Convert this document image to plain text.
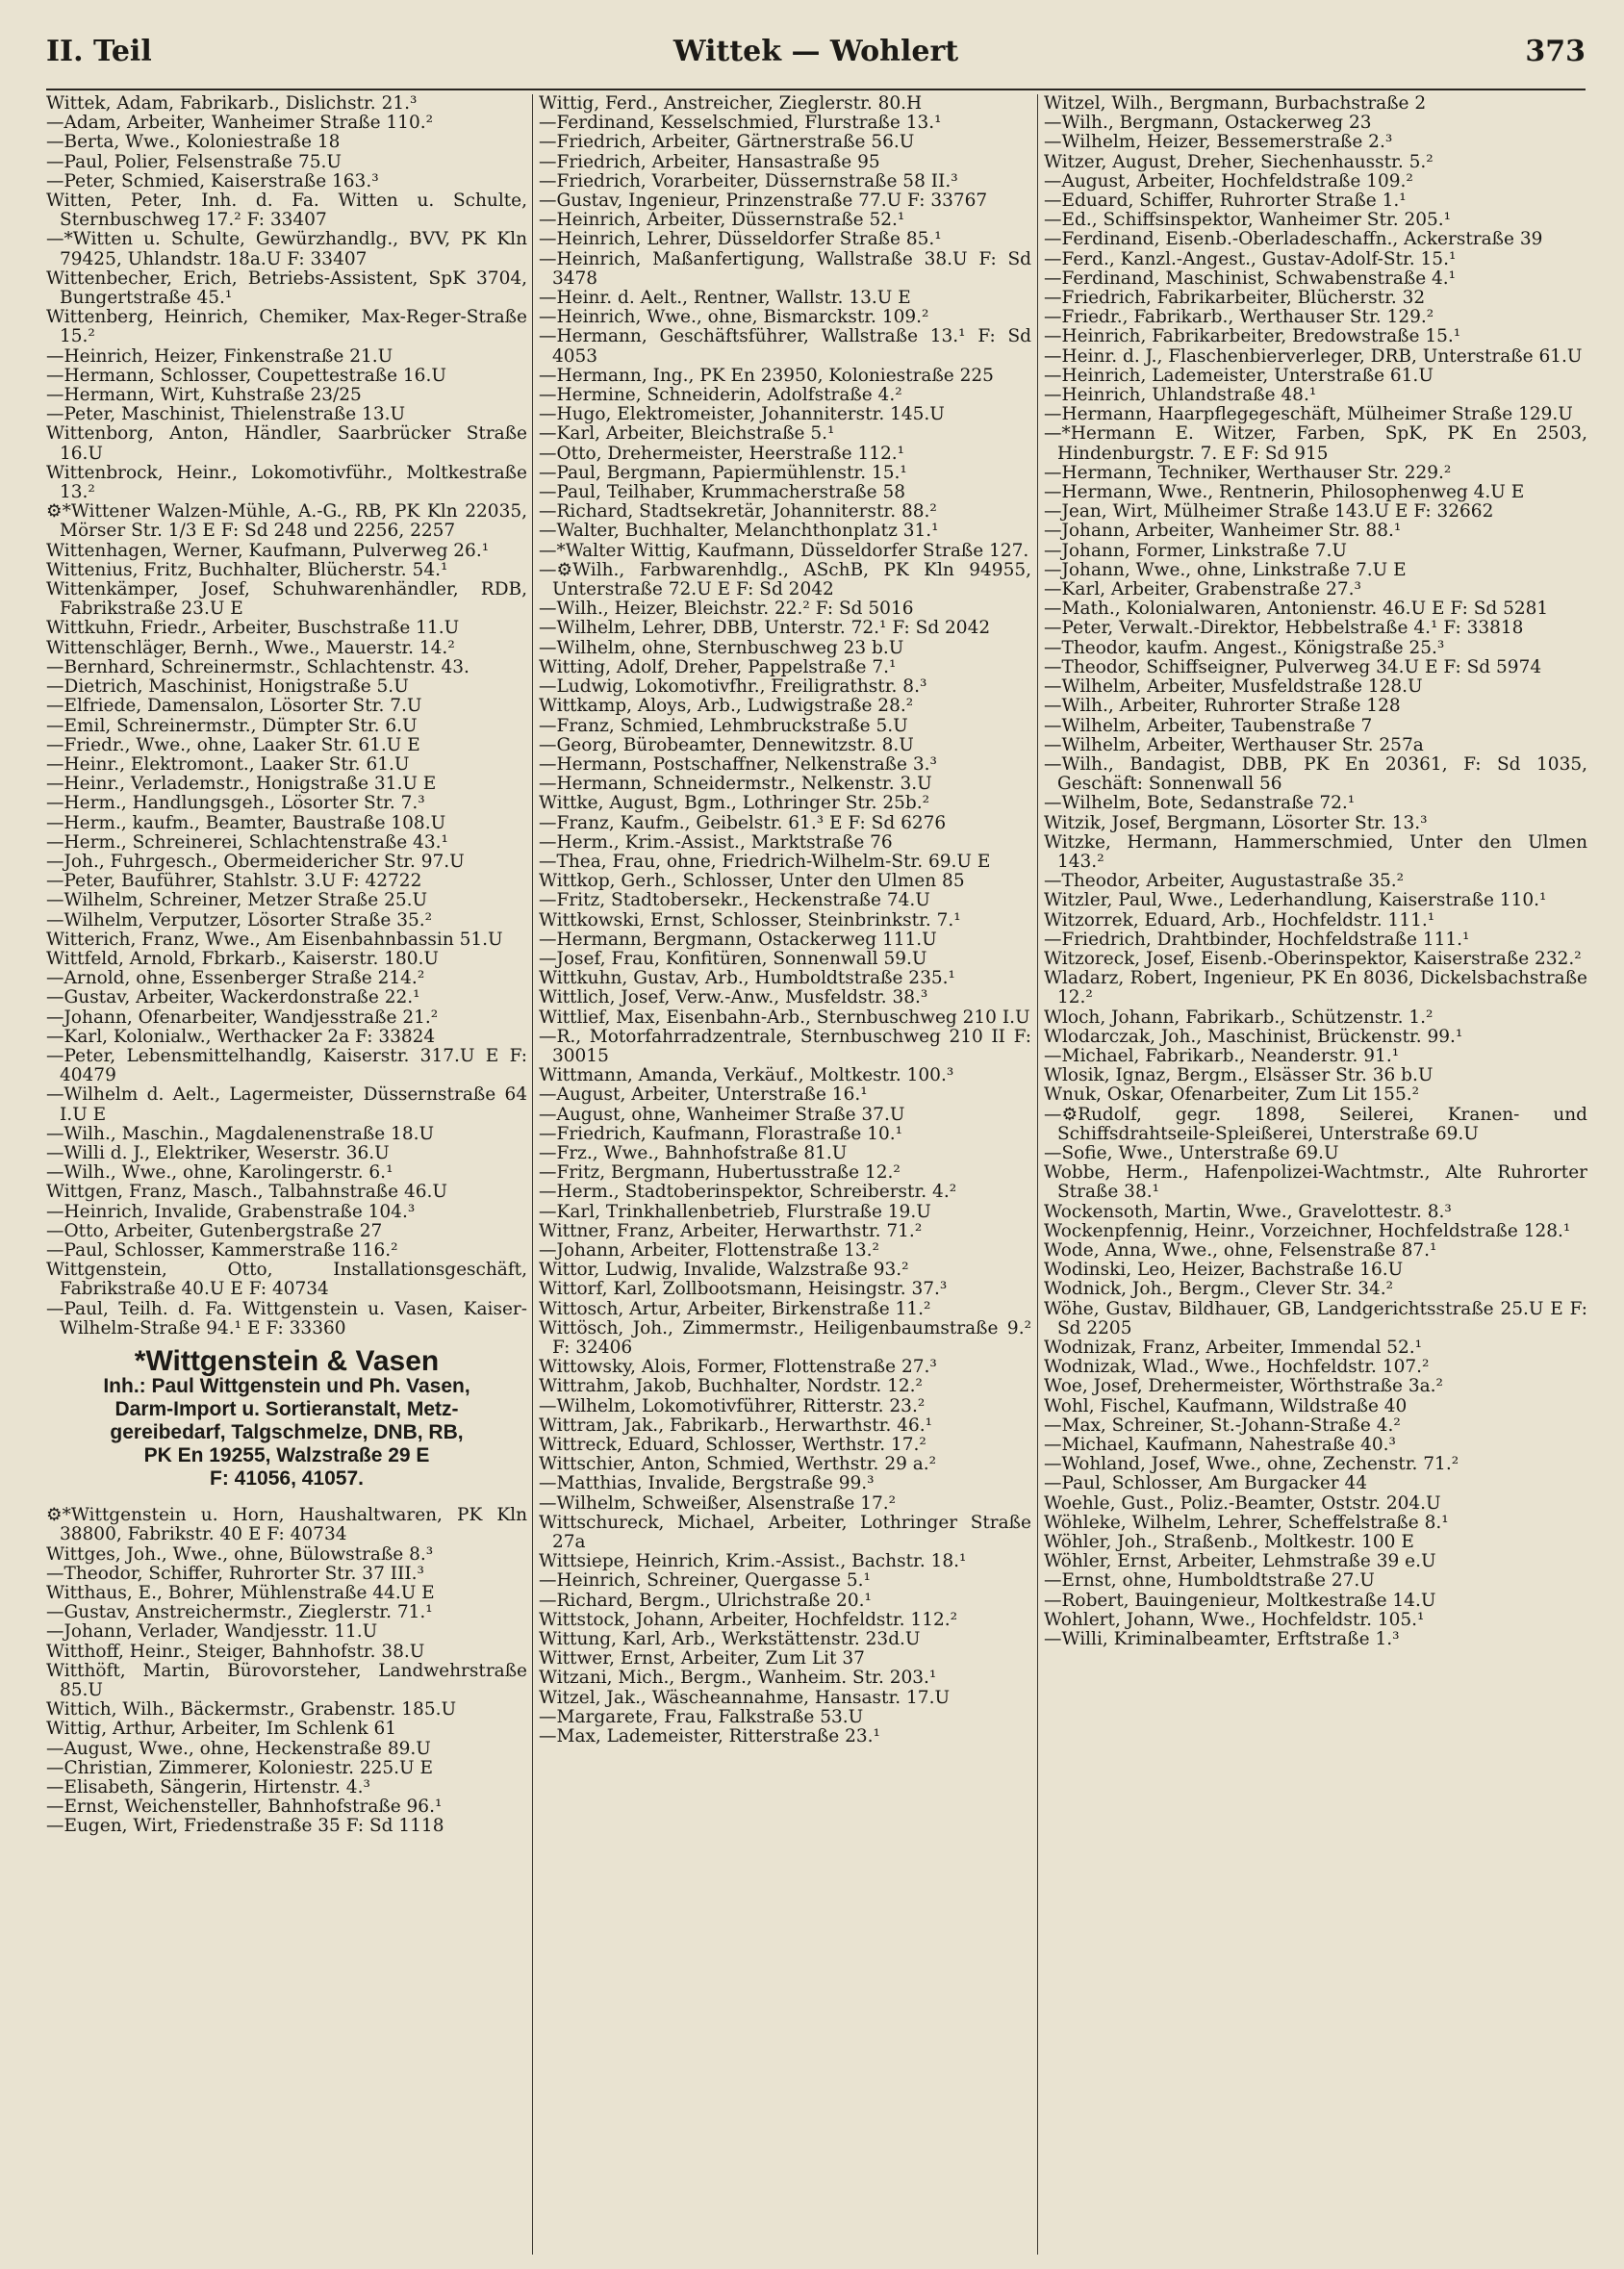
II. Teil	Wittek — Wohlert	373

Wittek, Adam, Fabrikarb., Dislichstr. 21.³

—Adam, Arbeiter, Wanheimer Straße 110.²

—Berta, Wwe., Koloniestraße 18

—Paul, Polier, Felsenstraße 75.U

—Peter, Schmied, Kaiserstraße 163.³

Witten, Peter, Inh. d. Fa. Witten u. Schulte, Sternbuschweg 17.² F: 33407

—*Witten u. Schulte, Gewürzhandlg., BVV, PK Kln 79425, Uhlandstr. 18a.U F: 33407

Wittenbecher, Erich, Betriebs-Assistent, SpK 3704, Bungertstraße 45.¹

Wittenberg, Heinrich, Chemiker, Max-Reger-Straße 15.²

—Heinrich, Heizer, Finkenstraße 21.U

—Hermann, Schlosser, Coupettestraße 16.U

—Hermann, Wirt, Kuhstraße 23/25

—Peter, Maschinist, Thielenstraße 13.U

Wittenborg, Anton, Händler, Saarbrücker Straße 16.U

Wittenbrock, Heinr., Lokomotivführ., Moltkestraße 13.²

⚙*Wittener Walzen-Mühle, A.-G., RB, PK Kln 22035, Mörser Str. 1/3 E F: Sd 248 und 2256, 2257

Wittenhagen, Werner, Kaufmann, Pulverweg 26.¹

Wittenius, Fritz, Buchhalter, Blücherstr. 54.¹

Wittenkämper, Josef, Schuhwarenhändler, RDB, Fabrikstraße 23.U E

Wittkuhn, Friedr., Arbeiter, Buschstraße 11.U

Wittenschläger, Bernh., Wwe., Mauerstr. 14.²

—Bernhard, Schreinermstr., Schlachtenstr. 43.

—Dietrich, Maschinist, Honigstraße 5.U

—Elfriede, Damensalon, Lösorter Str. 7.U

—Emil, Schreinermstr., Dümpter Str. 6.U

—Friedr., Wwe., ohne, Laaker Str. 61.U E

—Heinr., Elektromont., Laaker Str. 61.U

—Heinr., Verlademstr., Honigstraße 31.U E

—Herm., Handlungsgeh., Lösorter Str. 7.³

—Herm., kaufm., Beamter, Baustraße 108.U

—Herm., Schreinerei, Schlachtenstraße 43.¹

—Joh., Fuhrgesch., Obermeidericher Str. 97.U

—Peter, Bauführer, Stahlstr. 3.U F: 42722

—Wilhelm, Schreiner, Metzer Straße 25.U

—Wilhelm, Verputzer, Lösorter Straße 35.²

Witterich, Franz, Wwe., Am Eisenbahnbassin 51.U

Wittfeld, Arnold, Fbrkarb., Kaiserstr. 180.U

—Arnold, ohne, Essenberger Straße 214.²

—Gustav, Arbeiter, Wackerdonstraße 22.¹

—Johann, Ofenarbeiter, Wandjesstraße 21.²

—Karl, Kolonialw., Werthacker 2a F: 33824

—Peter, Lebensmittelhandlg, Kaiserstr. 317.U E F: 40479

—Wilhelm d. Aelt., Lagermeister, Düssernstraße 64 I.U E

—Wilh., Maschin., Magdalenenstraße 18.U

—Willi d. J., Elektriker, Weserstr. 36.U

—Wilh., Wwe., ohne, Karolingerstr. 6.¹

Wittgen, Franz, Masch., Talbahnstraße 46.U

—Heinrich, Invalide, Grabenstraße 104.³

—Otto, Arbeiter, Gutenbergstraße 27

—Paul, Schlosser, Kammerstraße 116.²

Wittgenstein, Otto, Installationsgeschäft, Fabrikstraße 40.U E F: 40734

—Paul, Teilh. d. Fa. Wittgenstein u. Vasen, Kaiser-Wilhelm-Straße 94.¹ E F: 33360

*Wittgenstein & Vasen
Inh.: Paul Wittgenstein und Ph. Vasen,
Darm-Import u. Sortieranstalt, Metz-
gereibedarf, Talgschmelze, DNB, RB,
PK En 19255, Walzstraße 29 E
F: 41056, 41057.

⚙*Wittgenstein u. Horn, Haushaltwaren, PK Kln 38800, Fabrikstr. 40 E F: 40734

Wittges, Joh., Wwe., ohne, Bülowstraße 8.³

—Theodor, Schiffer, Ruhrorter Str. 37 III.³

Witthaus, E., Bohrer, Mühlenstraße 44.U E

—Gustav, Anstreichermstr., Zieglerstr. 71.¹

—Johann, Verlader, Wandjesstr. 11.U

Witthoff, Heinr., Steiger, Bahnhofstr. 38.U

Witthöft, Martin, Bürovorsteher, Landwehrstraße 85.U

Wittich, Wilh., Bäckermstr., Grabenstr. 185.U

Wittig, Arthur, Arbeiter, Im Schlenk 61

—August, Wwe., ohne, Heckenstraße 89.U

—Christian, Zimmerer, Koloniestr. 225.U E

—Elisabeth, Sängerin, Hirtenstr. 4.³

—Ernst, Weichensteller, Bahnhofstraße 96.¹

—Eugen, Wirt, Friedenstraße 35 F: Sd 1118

Wittig, Ferd., Anstreicher, Zieglerstr. 80.H

—Ferdinand, Kesselschmied, Flurstraße 13.¹

—Friedrich, Arbeiter, Gärtnerstraße 56.U

—Friedrich, Arbeiter, Hansastraße 95

—Friedrich, Vorarbeiter, Düssernstraße 58 II.³

—Gustav, Ingenieur, Prinzenstraße 77.U F: 33767

—Heinrich, Arbeiter, Düssernstraße 52.¹

—Heinrich, Lehrer, Düsseldorfer Straße 85.¹

—Heinrich, Maßanfertigung, Wallstraße 38.U F: Sd 3478

—Heinr. d. Aelt., Rentner, Wallstr. 13.U E

—Heinrich, Wwe., ohne, Bismarckstr. 109.²

—Hermann, Geschäftsführer, Wallstraße 13.¹ F: Sd 4053

—Hermann, Ing., PK En 23950, Koloniestraße 225

—Hermine, Schneiderin, Adolfstraße 4.²

—Hugo, Elektromeister, Johanniterstr. 145.U

—Karl, Arbeiter, Bleichstraße 5.¹

—Otto, Drehermeister, Heerstraße 112.¹

—Paul, Bergmann, Papiermühlenstr. 15.¹

—Paul, Teilhaber, Krummacherstraße 58

—Richard, Stadtsekretär, Johanniterstr. 88.²

—Walter, Buchhalter, Melanchthonplatz 31.¹

—*Walter Wittig, Kaufmann, Düsseldorfer Straße 127.

—⚙Wilh., Farbwarenhdlg., ASchB, PK Kln 94955, Unterstraße 72.U E F: Sd 2042

—Wilh., Heizer, Bleichstr. 22.² F: Sd 5016

—Wilhelm, Lehrer, DBB, Unterstr. 72.¹ F: Sd 2042

—Wilhelm, ohne, Sternbuschweg 23 b.U

Witting, Adolf, Dreher, Pappelstraße 7.¹

—Ludwig, Lokomotivfhr., Freiligrathstr. 8.³

Wittkamp, Aloys, Arb., Ludwigstraße 28.²

—Franz, Schmied, Lehmbruckstraße 5.U

—Georg, Bürobeamter, Dennewitzstr. 8.U

—Hermann, Postschaffner, Nelkenstraße 3.³

—Hermann, Schneidermstr., Nelkenstr. 3.U

Wittke, August, Bgm., Lothringer Str. 25b.²

—Franz, Kaufm., Geibelstr. 61.³ E F: Sd 6276

—Herm., Krim.-Assist., Marktstraße 76

—Thea, Frau, ohne, Friedrich-Wilhelm-Str. 69.U E

Wittkop, Gerh., Schlosser, Unter den Ulmen 85

—Fritz, Stadtobersekr., Heckenstraße 74.U

Wittkowski, Ernst, Schlosser, Steinbrinkstr. 7.¹

—Hermann, Bergmann, Ostackerweg 111.U

—Josef, Frau, Konfitüren, Sonnenwall 59.U

Wittkuhn, Gustav, Arb., Humboldtstraße 235.¹

Wittlich, Josef, Verw.-Anw., Musfeldstr. 38.³

Wittlief, Max, Eisenbahn-Arb., Sternbuschweg 210 I.U

—R., Motorfahrradzentrale, Sternbuschweg 210 II F: 30015

Wittmann, Amanda, Verkäuf., Moltkestr. 100.³

—August, Arbeiter, Unterstraße 16.¹

—August, ohne, Wanheimer Straße 37.U

—Friedrich, Kaufmann, Florastraße 10.¹

—Frz., Wwe., Bahnhofstraße 81.U

—Fritz, Bergmann, Hubertusstraße 12.²

—Herm., Stadtoberinspektor, Schreiberstr. 4.²

—Karl, Trinkhallenbetrieb, Flurstraße 19.U

Wittner, Franz, Arbeiter, Herwarthstr. 71.²

—Johann, Arbeiter, Flottenstraße 13.²

Wittor, Ludwig, Invalide, Walzstraße 93.²

Wittorf, Karl, Zollbootsmann, Heisingstr. 37.³

Wittosch, Artur, Arbeiter, Birkenstraße 11.²

Wittösch, Joh., Zimmermstr., Heiligenbaumstraße 9.² F: 32406

Wittowsky, Alois, Former, Flottenstraße 27.³

Wittrahm, Jakob, Buchhalter, Nordstr. 12.²

—Wilhelm, Lokomotivführer, Ritterstr. 23.²

Wittram, Jak., Fabrikarb., Herwarthstr. 46.¹

Wittreck, Eduard, Schlosser, Werthstr. 17.²

Wittschier, Anton, Schmied, Werthstr. 29 a.²

—Matthias, Invalide, Bergstraße 99.³

—Wilhelm, Schweißer, Alsenstraße 17.²

Wittschureck, Michael, Arbeiter, Lothringer Straße 27a

Wittsiepe, Heinrich, Krim.-Assist., Bachstr. 18.¹

—Heinrich, Schreiner, Quergasse 5.¹

—Richard, Bergm., Ulrichstraße 20.¹

Wittstock, Johann, Arbeiter, Hochfeldstr. 112.²

Wittung, Karl, Arb., Werkstättenstr. 23d.U

Wittwer, Ernst, Arbeiter, Zum Lit 37

Witzani, Mich., Bergm., Wanheim. Str. 203.¹

Witzel, Jak., Wäscheannahme, Hansastr. 17.U

—Margarete, Frau, Falkstraße 53.U

—Max, Lademeister, Ritterstraße 23.¹

Witzel, Wilh., Bergmann, Burbachstraße 2

—Wilh., Bergmann, Ostackerweg 23

—Wilhelm, Heizer, Bessemerstraße 2.³

Witzer, August, Dreher, Siechenhausstr. 5.²

—August, Arbeiter, Hochfeldstraße 109.²

—Eduard, Schiffer, Ruhrorter Straße 1.¹

—Ed., Schiffsinspektor, Wanheimer Str. 205.¹

—Ferdinand, Eisenb.-Oberladeschaffn., Ackerstraße 39

—Ferd., Kanzl.-Angest., Gustav-Adolf-Str. 15.¹

—Ferdinand, Maschinist, Schwabenstraße 4.¹

—Friedrich, Fabrikarbeiter, Blücherstr. 32

—Friedr., Fabrikarb., Werthauser Str. 129.²

—Heinrich, Fabrikarbeiter, Bredowstraße 15.¹

—Heinr. d. J., Flaschenbierverleger, DRB, Unterstraße 61.U

—Heinrich, Lademeister, Unterstraße 61.U

—Heinrich, Uhlandstraße 48.¹

—Hermann, Haarpflegegeschäft, Mülheimer Straße 129.U

—*Hermann E. Witzer, Farben, SpK, PK En 2503, Hindenburgstr. 7. E F: Sd 915

—Hermann, Techniker, Werthauser Str. 229.²

—Hermann, Wwe., Rentnerin, Philosophenweg 4.U E

—Jean, Wirt, Mülheimer Straße 143.U E F: 32662

—Johann, Arbeiter, Wanheimer Str. 88.¹

—Johann, Former, Linkstraße 7.U

—Johann, Wwe., ohne, Linkstraße 7.U E

—Karl, Arbeiter, Grabenstraße 27.³

—Math., Kolonialwaren, Antonienstr. 46.U E F: Sd 5281

—Peter, Verwalt.-Direktor, Hebbelstraße 4.¹ F: 33818

—Theodor, kaufm. Angest., Königstraße 25.³

—Theodor, Schiffseigner, Pulverweg 34.U E F: Sd 5974

—Wilhelm, Arbeiter, Musfeldstraße 128.U

—Wilh., Arbeiter, Ruhrorter Straße 128

—Wilhelm, Arbeiter, Taubenstraße 7

—Wilhelm, Arbeiter, Werthauser Str. 257a

—Wilh., Bandagist, DBB, PK En 20361, F: Sd 1035, Geschäft: Sonnenwall 56

—Wilhelm, Bote, Sedanstraße 72.¹

Witzik, Josef, Bergmann, Lösorter Str. 13.³

Witzke, Hermann, Hammerschmied, Unter den Ulmen 143.²

—Theodor, Arbeiter, Augustastraße 35.²

Witzler, Paul, Wwe., Lederhandlung, Kaiserstraße 110.¹

Witzorrek, Eduard, Arb., Hochfeldstr. 111.¹

—Friedrich, Drahtbinder, Hochfeldstraße 111.¹

Witzoreck, Josef, Eisenb.-Oberinspektor, Kaiserstraße 232.²

Wladarz, Robert, Ingenieur, PK En 8036, Dickelsbachstraße 12.²

Wloch, Johann, Fabrikarb., Schützenstr. 1.²

Wlodarczak, Joh., Maschinist, Brückenstr. 99.¹

—Michael, Fabrikarb., Neanderstr. 91.¹

Wlosik, Ignaz, Bergm., Elsässer Str. 36 b.U

Wnuk, Oskar, Ofenarbeiter, Zum Lit 155.²

—⚙Rudolf, gegr. 1898, Seilerei, Kranen- und Schiffsdrahtseile-Spleißerei, Unterstraße 69.U

—Sofie, Wwe., Unterstraße 69.U

Wobbe, Herm., Hafenpolizei-Wachtmstr., Alte Ruhrorter Straße 38.¹

Wockensoth, Martin, Wwe., Gravelottestr. 8.³

Wockenpfennig, Heinr., Vorzeichner, Hochfeldstraße 128.¹

Wode, Anna, Wwe., ohne, Felsenstraße 87.¹

Wodinski, Leo, Heizer, Bachstraße 16.U

Wodnick, Joh., Bergm., Clever Str. 34.²

Wöhe, Gustav, Bildhauer, GB, Landgerichtsstraße 25.U E F: Sd 2205

Wodnizak, Franz, Arbeiter, Immendal 52.¹

Wodnizak, Wlad., Wwe., Hochfeldstr. 107.²

Woe, Josef, Drehermeister, Wörthstraße 3a.²

Wohl, Fischel, Kaufmann, Wildstraße 40

—Max, Schreiner, St.-Johann-Straße 4.²

—Michael, Kaufmann, Nahestraße 40.³

—Wohland, Josef, Wwe., ohne, Zechenstr. 71.²

—Paul, Schlosser, Am Burgacker 44

Woehle, Gust., Poliz.-Beamter, Oststr. 204.U

Wöhleke, Wilhelm, Lehrer, Scheffelstraße 8.¹

Wöhler, Joh., Straßenb., Moltkestr. 100 E

Wöhler, Ernst, Arbeiter, Lehmstraße 39 e.U

—Ernst, ohne, Humboldtstraße 27.U

—Robert, Bauingenieur, Moltkestraße 14.U

Wohlert, Johann, Wwe., Hochfeldstr. 105.¹

—Willi, Kriminalbeamter, Erftstraße 1.³
